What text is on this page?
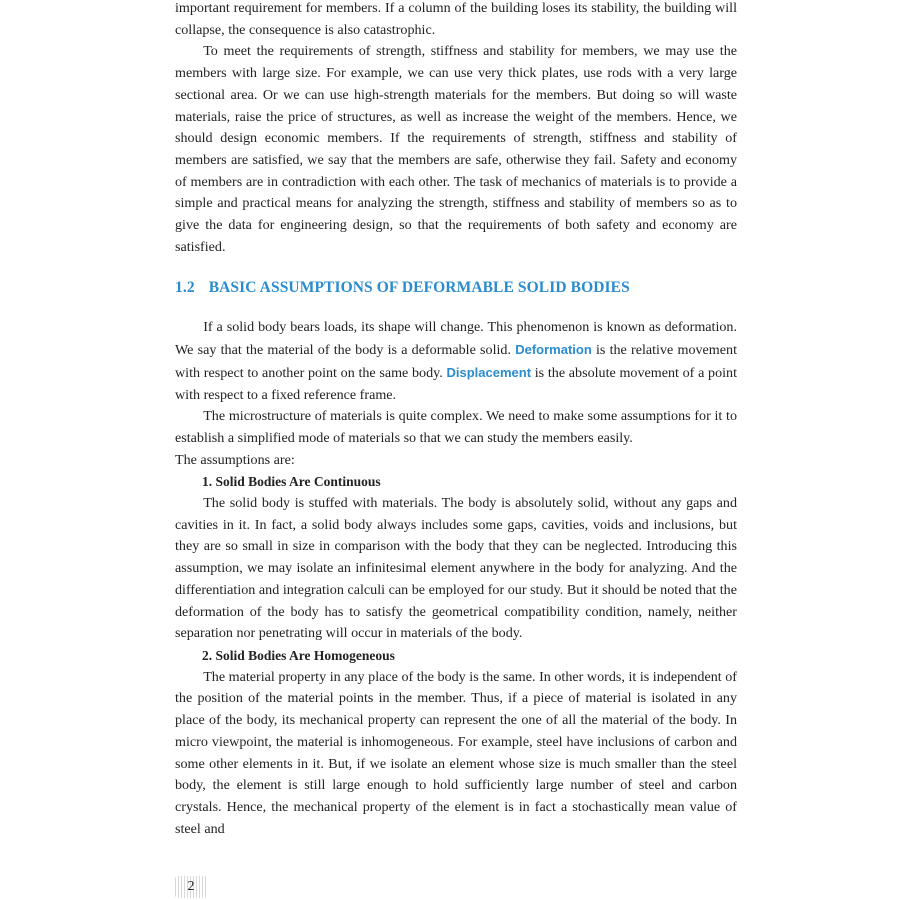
important requirement for members. If a column of the building loses its stability, the building will collapse, the consequence is also catastrophic.

To meet the requirements of strength, stiffness and stability for members, we may use the members with large size. For example, we can use very thick plates, use rods with a very large sectional area. Or we can use high-strength materials for the members. But doing so will waste materials, raise the price of structures, as well as increase the weight of the members. Hence, we should design economic members. If the requirements of strength, stiffness and stability of members are satisfied, we say that the members are safe, otherwise they fail. Safety and economy of members are in contradiction with each other. The task of mechanics of materials is to provide a simple and practical means for analyzing the strength, stiffness and stability of members so as to give the data for engineering design, so that the requirements of both safety and economy are satisfied.

1.2 BASIC ASSUMPTIONS OF DEFORMABLE SOLID BODIES

If a solid body bears loads, its shape will change. This phenomenon is known as deformation. We say that the material of the body is a deformable solid. Deformation is the relative movement with respect to another point on the same body. Displacement is the absolute movement of a point with respect to a fixed reference frame.

The microstructure of materials is quite complex. We need to make some assumptions for it to establish a simplified mode of materials so that we can study the members easily.

The assumptions are:

1. Solid Bodies Are Continuous

The solid body is stuffed with materials. The body is absolutely solid, without any gaps and cavities in it. In fact, a solid body always includes some gaps, cavities, voids and inclusions, but they are so small in size in comparison with the body that they can be neglected. Introducing this assumption, we may isolate an infinitesimal element anywhere in the body for analyzing. And the differentiation and integration calculi can be employed for our study. But it should be noted that the deformation of the body has to satisfy the geometrical compatibility condition, namely, neither separation nor penetrating will occur in materials of the body.

2. Solid Bodies Are Homogeneous

The material property in any place of the body is the same. In other words, it is independent of the position of the material points in the member. Thus, if a piece of material is isolated in any place of the body, its mechanical property can represent the one of all the material of the body. In micro viewpoint, the material is inhomogeneous. For example, steel have inclusions of carbon and some other elements in it. But, if we isolate an element whose size is much smaller than the steel body, the element is still large enough to hold sufficiently large number of steel and carbon crystals. Hence, the mechanical property of the element is in fact a stochastically mean value of steel and

2
